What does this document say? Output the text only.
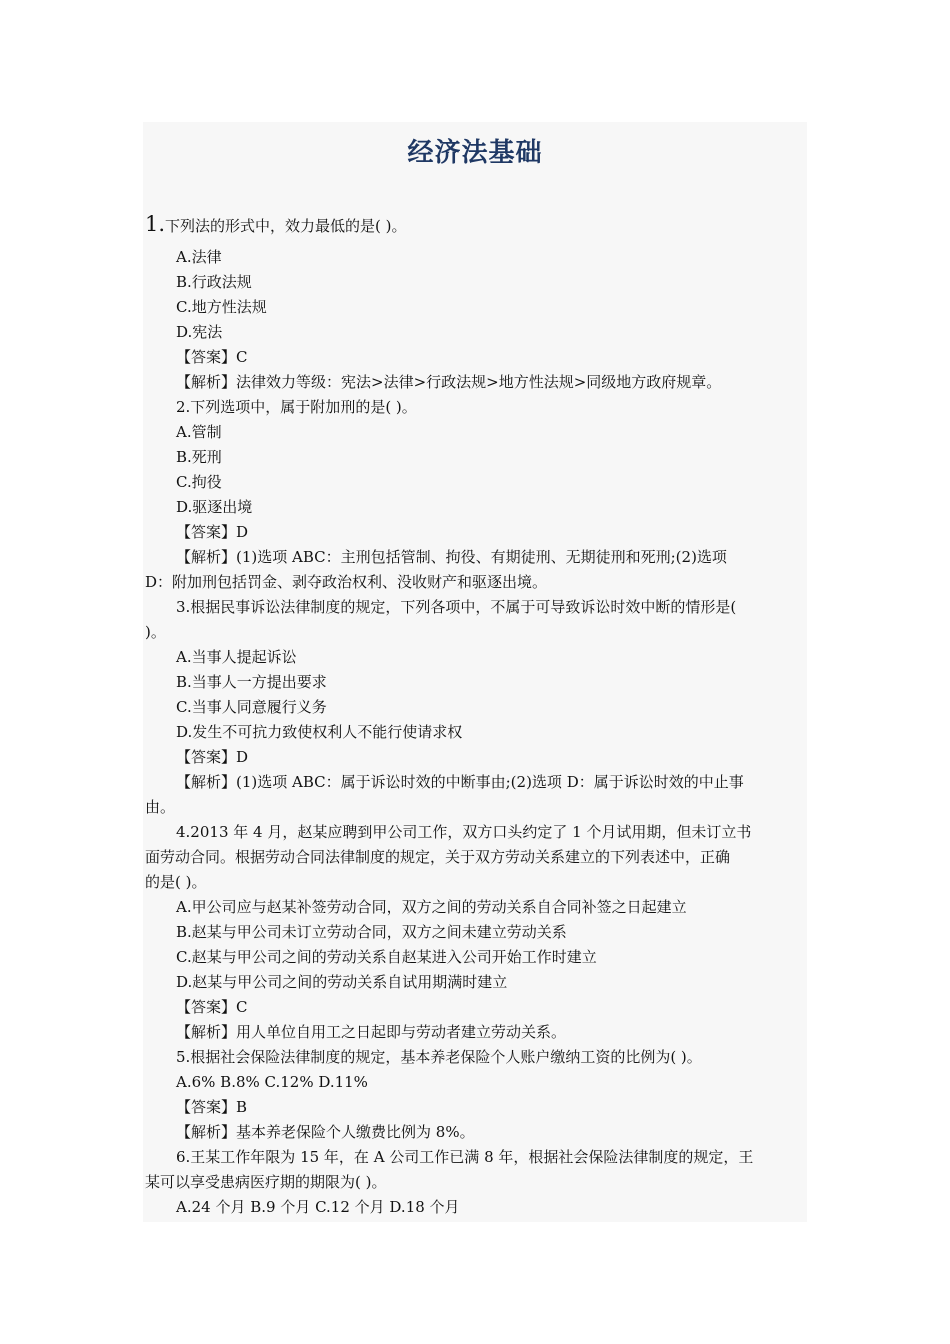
经济法基础
1.下列法的形式中，效力最低的是( )。
A.法律
B.行政法规
C.地方性法规
D.宪法
【答案】C
【解析】法律效力等级：宪法>法律>行政法规>地方性法规>同级地方政府规章。
2.下列选项中，属于附加刑的是( )。
A.管制
B.死刑
C.拘役
D.驱逐出境
【答案】D
【解析】(1)选项 ABC：主刑包括管制、拘役、有期徒刑、无期徒刑和死刑;(2)选项
D：附加刑包括罚金、剥夺政治权利、没收财产和驱逐出境。
3.根据民事诉讼法律制度的规定，下列各项中，不属于可导致诉讼时效中断的情形是(
)。
A.当事人提起诉讼
B.当事人一方提出要求
C.当事人同意履行义务
D.发生不可抗力致使权利人不能行使请求权
【答案】D
【解析】(1)选项 ABC：属于诉讼时效的中断事由;(2)选项 D：属于诉讼时效的中止事
由。
4.2013 年 4 月，赵某应聘到甲公司工作，双方口头约定了 1 个月试用期，但未订立书
面劳动合同。根据劳动合同法律制度的规定，关于双方劳动关系建立的下列表述中，正确
的是( )。
A.甲公司应与赵某补签劳动合同，双方之间的劳动关系自合同补签之日起建立
B.赵某与甲公司未订立劳动合同，双方之间未建立劳动关系
C.赵某与甲公司之间的劳动关系自赵某进入公司开始工作时建立
D.赵某与甲公司之间的劳动关系自试用期满时建立
【答案】C
【解析】用人单位自用工之日起即与劳动者建立劳动关系。
5.根据社会保险法律制度的规定，基本养老保险个人账户缴纳工资的比例为( )。
A.6% B.8% C.12% D.11%
【答案】B
【解析】基本养老保险个人缴费比例为 8%。
6.王某工作年限为 15 年，在 A 公司工作已满 8 年，根据社会保险法律制度的规定，王
某可以享受患病医疗期的期限为( )。
A.24 个月 B.9 个月 C.12 个月 D.18 个月
